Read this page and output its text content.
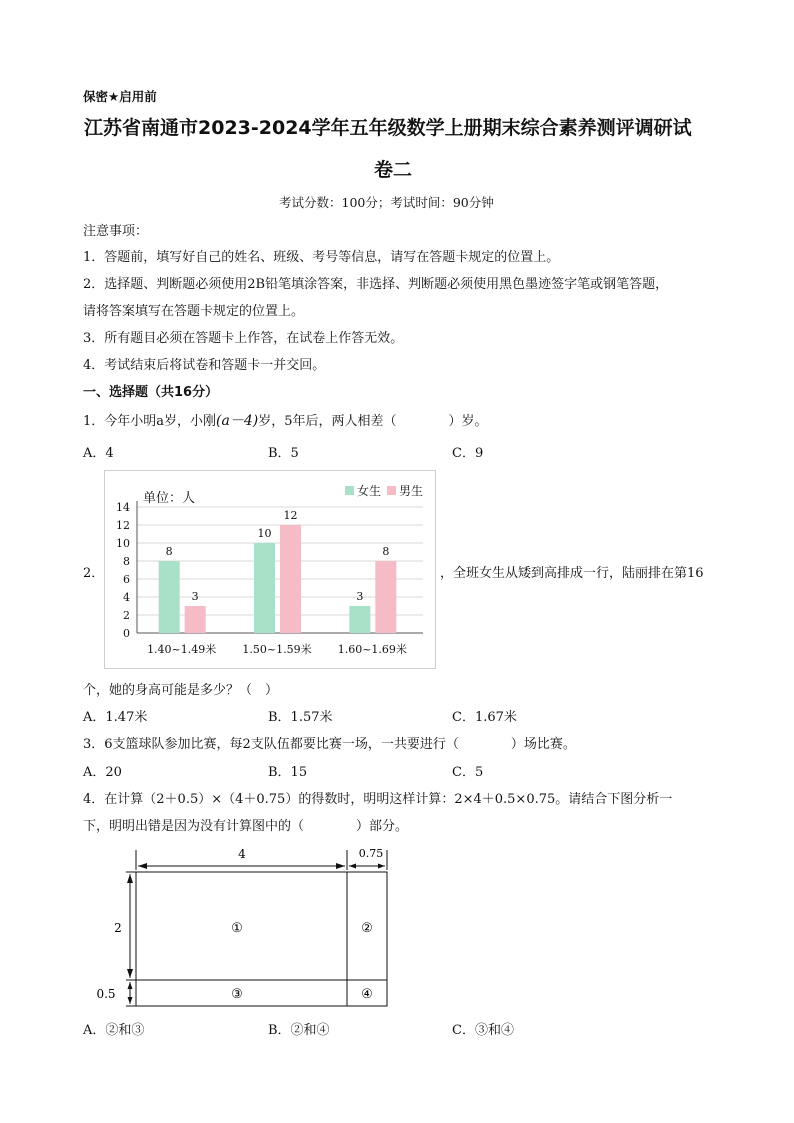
保密★启用前
江苏省南通市2023-2024学年五年级数学上册期末综合素养测评调研试
卷二
考试分数：100分；考试时间：90分钟
注意事项：
1．答题前，填写好自己的姓名、班级、考号等信息，请写在答题卡规定的位置上。
2．选择题、判断题必须使用2B铅笔填涂答案，非选择、判断题必须使用黑色墨迹签字笔或钢笔答题，
请将答案填写在答题卡规定的位置上。
3．所有题目必须在答题卡上作答，在试卷上作答无效。
4．考试结束后将试卷和答题卡一并交回。
一、选择题（共16分）
1．今年小明a岁，小刚(a－4)岁，5年后，两人相差（　　　　）岁。
A．4	B．5	C．9
2．
0
2
4
6
8
10
12
14
单位：人	女生 男生
8
3
1.40~1.49米
10
12
1.50~1.59米
3
8
1.60~1.69米
，全班女生从矮到高排成一行，陆丽排在第16
个，她的身高可能是多少？（　）
A．1.47米	B．1.57米	C．1.67米
3．6支篮球队参加比赛，每2支队伍都要比赛一场，一共要进行（　　　　）场比赛。
A．20	B．15	C．5
4．在计算（2＋0.5）×（4＋0.75）的得数时，明明这样计算：2×4＋0.5×0.75。请结合下图分析一
下，明明出错是因为没有计算图中的（　　　　）部分。
4	0.75
2
0.5
①	②
③	④
A．②和③	B．②和④	C．③和④
